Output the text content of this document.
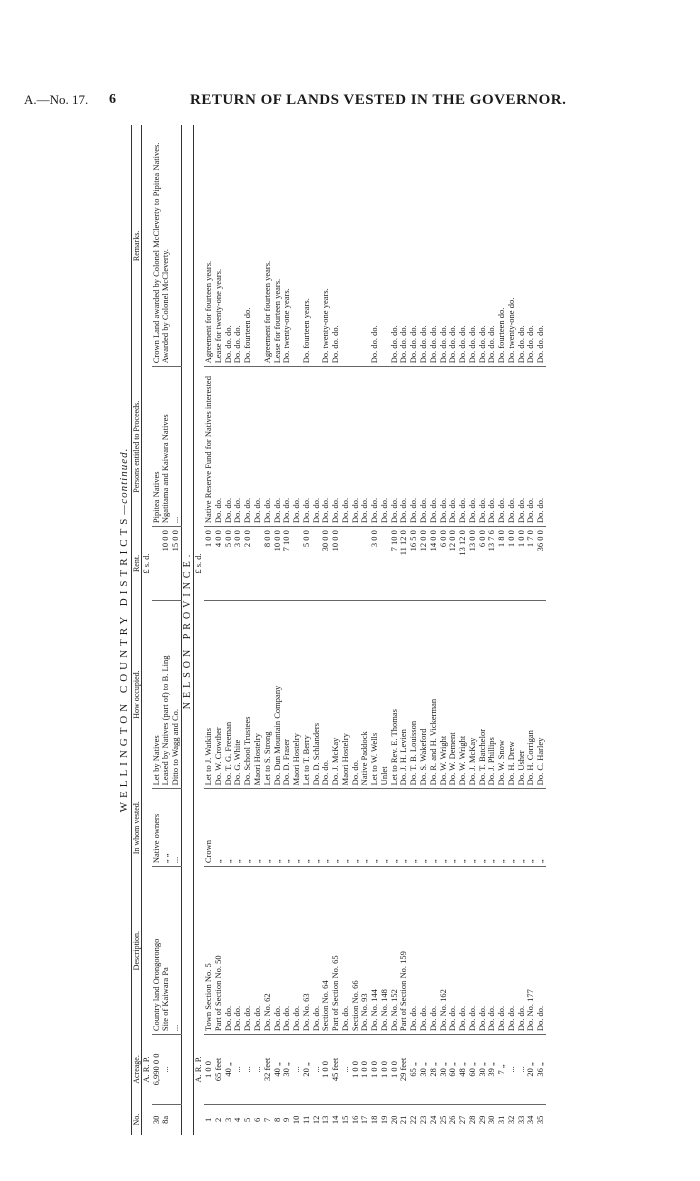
A.—No. 17. 6	RETURN OF LANDS VESTED IN THE GOVERNOR.
WELLINGTON COUNTRY DISTRICTS—continued.							
No.	Acreage.	Description.	In whom vested.	How occupied.	Rent.	Persons entitled to Proceeds.	Remarks.
	A. R. P.				£ s. d.		
30	6,990 0 0	Country land Orongorongo	Native owners	Let by Natives		Pipitea Natives	Crown Land awarded by Colonel McCleverty to Pipitea Natives.
8a	...	Site of Kaiwara Pa	„ „	Leased by Natives (part of) to B. Ling	10 0 0	Ngatitama and Kaiwara Natives	Awarded by Colonel McCleverty.
		...	...	Ditto to Wagg and Co.	15 0 0	...	
NELSON PROVINCE.							
	A. R. P.				£ s. d.		
1	1 0 0	Town Section No. 5	Crown	Let to J. Watkins	1 0 0	Native Reserve Fund for Natives interested	Agreement for fourteen years.
2	65 feet	Part of Section No. 50	„	Do. W. Crowther	4 0 0	Do. do.	Lease for twenty-one years.
3	40 „	Do. do.	„	Do. T. G. Freeman	5 0 0	Do. do.	Do. do. do.
4	...	Do. do.	„	Do. G. White	3 0 0	Do. do.	Do. do. do.
5	...	Do. do.	„	Do. School Trustees	2 0 0	Do. do.	Do. fourteen do.
6	...	Do. do.	„	Maori Hostelry		Do. do.	
7	32 feet	Do. No. 62	„	Let to S. Strong	8 0 0	Do. do.	Agreement for fourteen years.
8	40 „	Do. do.	„	Do. Dun Mountain Company	10 0 0	Do. do.	Lease for fourteen years.
9	30 „	Do. do.	„	Do. D. Fraser	7 10 0	Do. do.	Do. twenty-one years.
10	...	Do. do.	„	Maori Hostelry		Do. do.	
11	20 „	Do. No. 63	„	Let to T. Berry	5 0 0	Do. do.	Do. fourteen years.
12	...	Do. do.	„	Do. D. Schlanders		Do. do.	
13	1 0 0	Section No. 64	„	Do. do.	30 0 0	Do. do.	Do. twenty-one years.
14	45 feet	Part of Section No. 65	„	Do. J. McKay	10 0 0	Do. do.	Do. do. do.
15	...	Do. do.	„	Maori Hostelry		Do. do.	
16	1 0 0	Section No. 66	„	Do. do.		Do. do.	
17	1 0 0	Do. No. 93	„	Native Paddock		Do. do.	
18	1 0 0	Do. No. 144	„	Let to W. Wells	3 0 0	Do. do.	Do. do. do.
19	1 0 0	Do. No. 148	„	Unlet		Do. do.	
20	1 0 0	Do. No. 152	„	Let to Rev. E. Thomas	7 10 0	Do. do.	Do. do. do.
21	29 feet	Part of Section No. 159	„	Do. J. H. Levien	11 12 0	Do. do.	Do. do. do.
22	65 „	Do. do.	„	Do. T. B. Louisson	16 5 0	Do. do.	Do. do. do.
23	30 „	Do. do.	„	Do. S. Wakeford	12 0 0	Do. do.	Do. do. do.
24	28 „	Do. do.	„	Do. R. and H. Vickerman	14 0 0	Do. do.	Do. do. do.
25	30 „	Do. No. 162	„	Do. W. Wright	6 0 0	Do. do.	Do. do. do.
26	60 „	Do. do.	„	Do. W. Dement	12 0 0	Do. do.	Do. do. do.
27	48 „	Do. do.	„	Do. W. Wright	13 12 0	Do. do.	Do. do. do.
28	60 „	Do. do.	„	Do. J. McKay	13 0 0	Do. do.	Do. do. do.
29	30 „	Do. do.	„	Do. T. Batchelor	6 0 0	Do. do.	Do. do. do.
30	39 „	Do. do.	„	Do. J. Phillips	13 7 6	Do. do.	Do. do. do.
31	7 „	Do. do.	„	Do. W. Snow	1 8 0	Do. do.	Do. fourteen do.
32	...	Do. do.	„	Do. H. Drew	1 0 0	Do. do.	Do. twenty-one do.
33	...	Do. do.	„	Do. Usher	1 0 0	Do. do.	Do. do. do.
34	20 „	Do. No. 177	„	Do. H. Corrigan	1 7 0	Do. do.	Do. do. do.
35	36 „	Do. do.	„	Do. C. Harley	36 0 0	Do. do.	Do. do. do.
